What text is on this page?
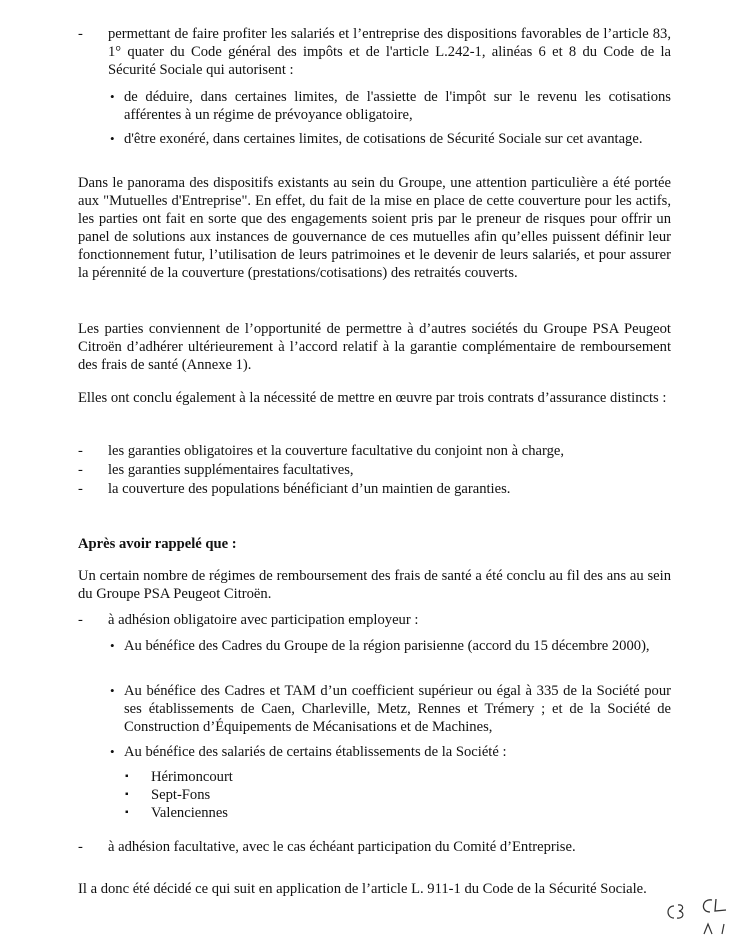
- permettant de faire profiter les salariés et l’entreprise des dispositions favorables de l’article 83, 1° quater du Code général des impôts et de l'article L.242-1, alinéas 6 et 8 du Code de la Sécurité Sociale qui autorisent :
• de déduire, dans certaines limites, de l'assiette de l'impôt sur le revenu les cotisations afférentes à un régime de prévoyance obligatoire,
• d'être exonéré, dans certaines limites, de cotisations de Sécurité Sociale sur cet avantage.
Dans le panorama des dispositifs existants au sein du Groupe, une attention particulière a été portée aux "Mutuelles d'Entreprise". En effet, du fait de la mise en place de cette couverture pour les actifs, les parties ont fait en sorte que des engagements soient pris par le preneur de risques pour offrir un panel de solutions aux instances de gouvernance de ces mutuelles afin qu’elles puissent définir leur fonctionnement futur, l’utilisation de leurs patrimoines et le devenir de leurs salariés, et pour assurer la pérennité de la couverture (prestations/cotisations) des retraités couverts.
Les parties conviennent de l’opportunité de permettre à d’autres sociétés du Groupe PSA Peugeot Citroën d’adhérer ultérieurement à l’accord relatif à la garantie complémentaire de remboursement des frais de santé (Annexe 1).
Elles ont conclu également à la nécessité de mettre en œuvre par trois contrats d’assurance distincts :
- les garanties obligatoires et la couverture facultative du conjoint non à charge,
- les garanties supplémentaires facultatives,
- la couverture des populations bénéficiant d’un maintien de garanties.
Après avoir rappelé que :
Un certain nombre de régimes de remboursement des frais de santé a été conclu au fil des ans au sein du Groupe PSA Peugeot Citroën.
- à adhésion obligatoire avec participation employeur :
• Au bénéfice des Cadres du Groupe de la région parisienne (accord du 15 décembre 2000),
• Au bénéfice des Cadres et TAM d’un coefficient supérieur ou égal à 335 de la Société pour ses établissements de Caen, Charleville, Metz, Rennes et Trémery ; et de la Société de Construction d’Équipements de Mécanisations et de Machines,
• Au bénéfice des salariés de certains établissements de la Société :
▪ Hérimoncourt
▪ Sept-Fons
▪ Valenciennes
- à adhésion facultative, avec le cas échéant participation du Comité d’Entreprise.
Il a donc été décidé ce qui suit en application de l’article L. 911-1 du Code de la Sécurité Sociale.
